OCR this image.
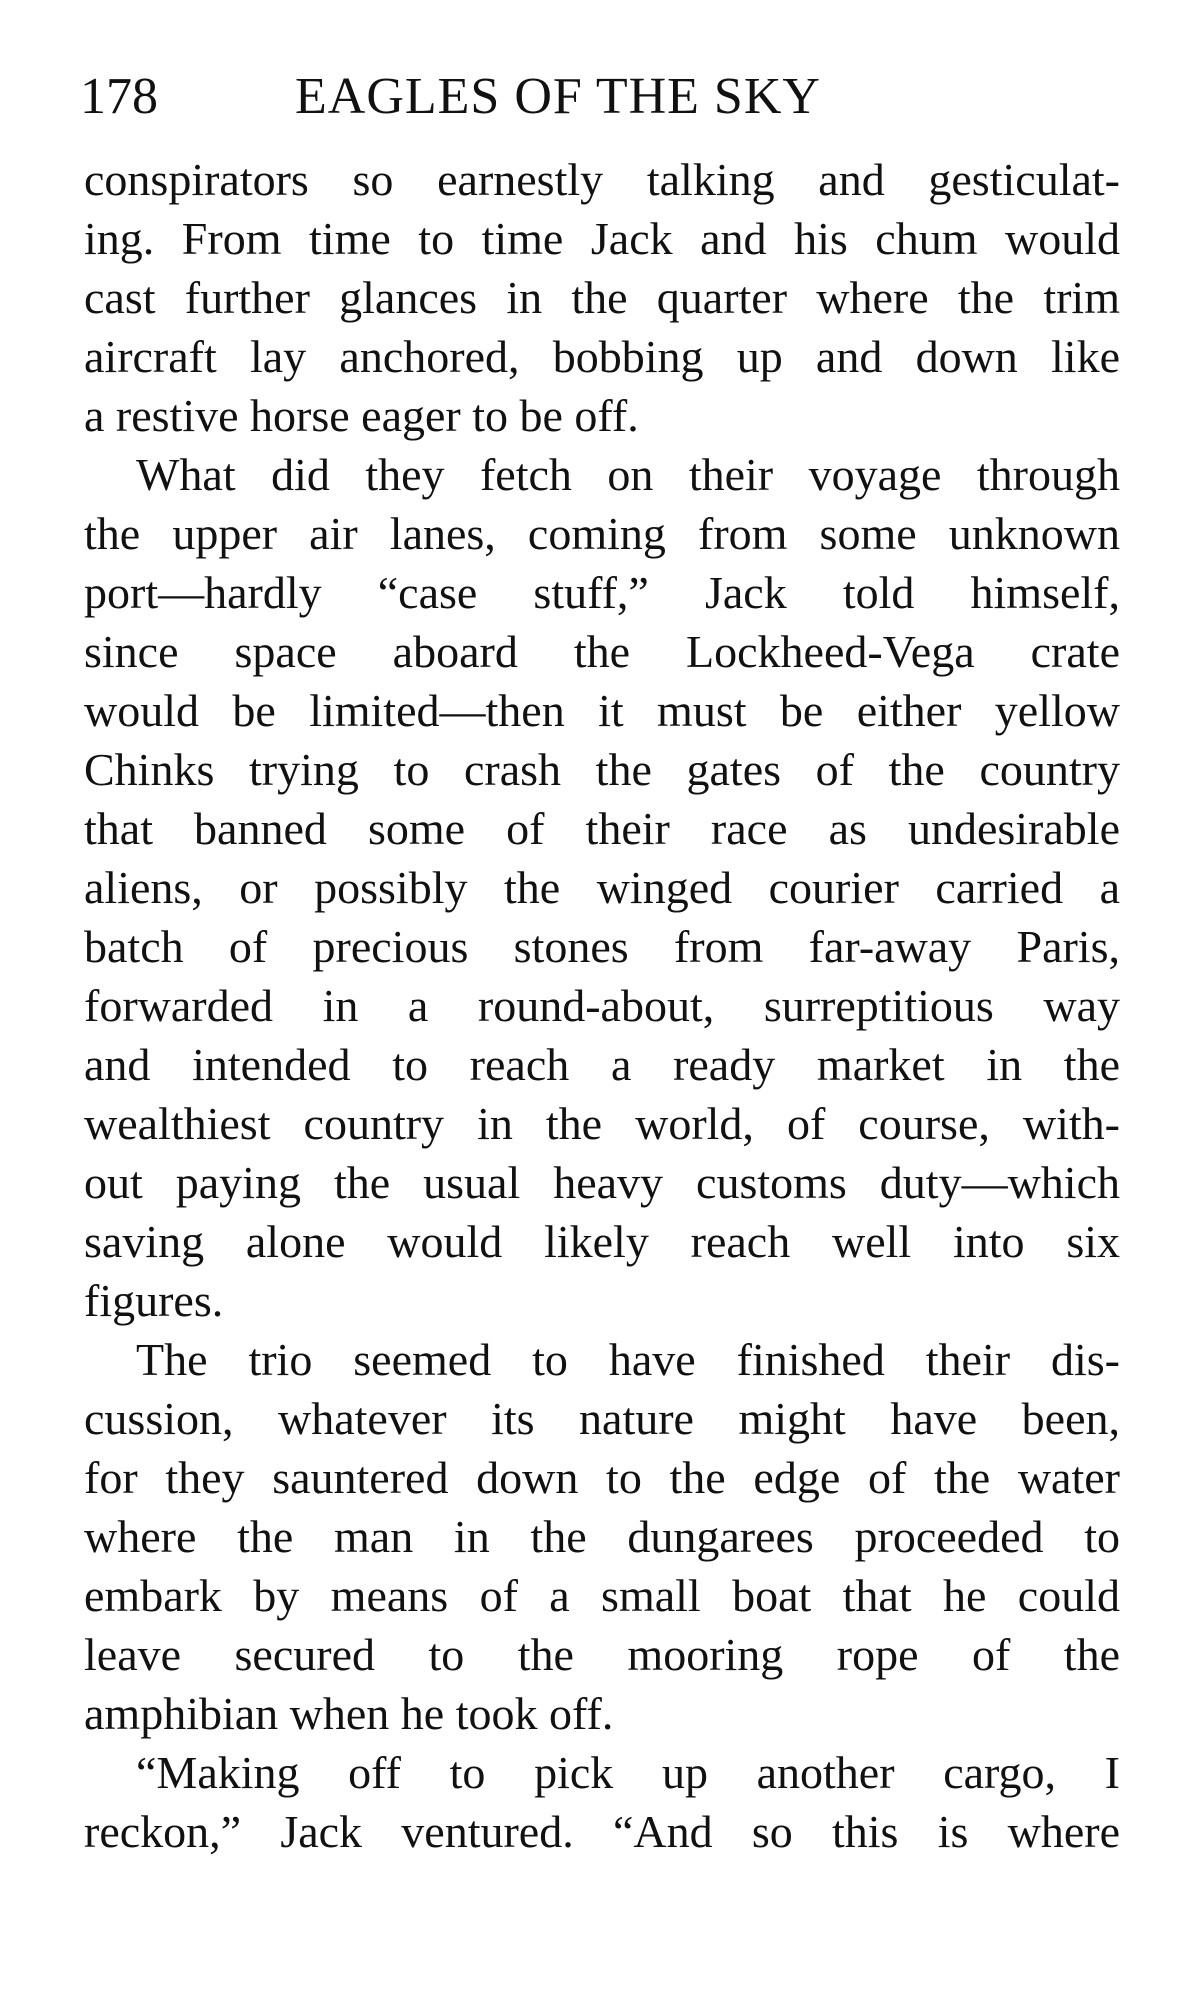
178	EAGLES OF THE SKY
conspirators so earnestly talking and gesticulat-
ing. From time to time Jack and his chum would
cast further glances in the quarter where the trim
aircraft lay anchored, bobbing up and down like
a restive horse eager to be off.
What did they fetch on their voyage through
the upper air lanes, coming from some unknown
port—hardly “case stuff,” Jack told himself,
since space aboard the Lockheed-Vega crate
would be limited—then it must be either yellow
Chinks trying to crash the gates of the country
that banned some of their race as undesirable
aliens, or possibly the winged courier carried a
batch of precious stones from far-away Paris,
forwarded in a round-about, surreptitious way
and intended to reach a ready market in the
wealthiest country in the world, of course, with-
out paying the usual heavy customs duty—which
saving alone would likely reach well into six
figures.
The trio seemed to have finished their dis-
cussion, whatever its nature might have been,
for they sauntered down to the edge of the water
where the man in the dungarees proceeded to
embark by means of a small boat that he could
leave secured to the mooring rope of the
amphibian when he took off.
“Making off to pick up another cargo, I
reckon,” Jack ventured. “And so this is where
